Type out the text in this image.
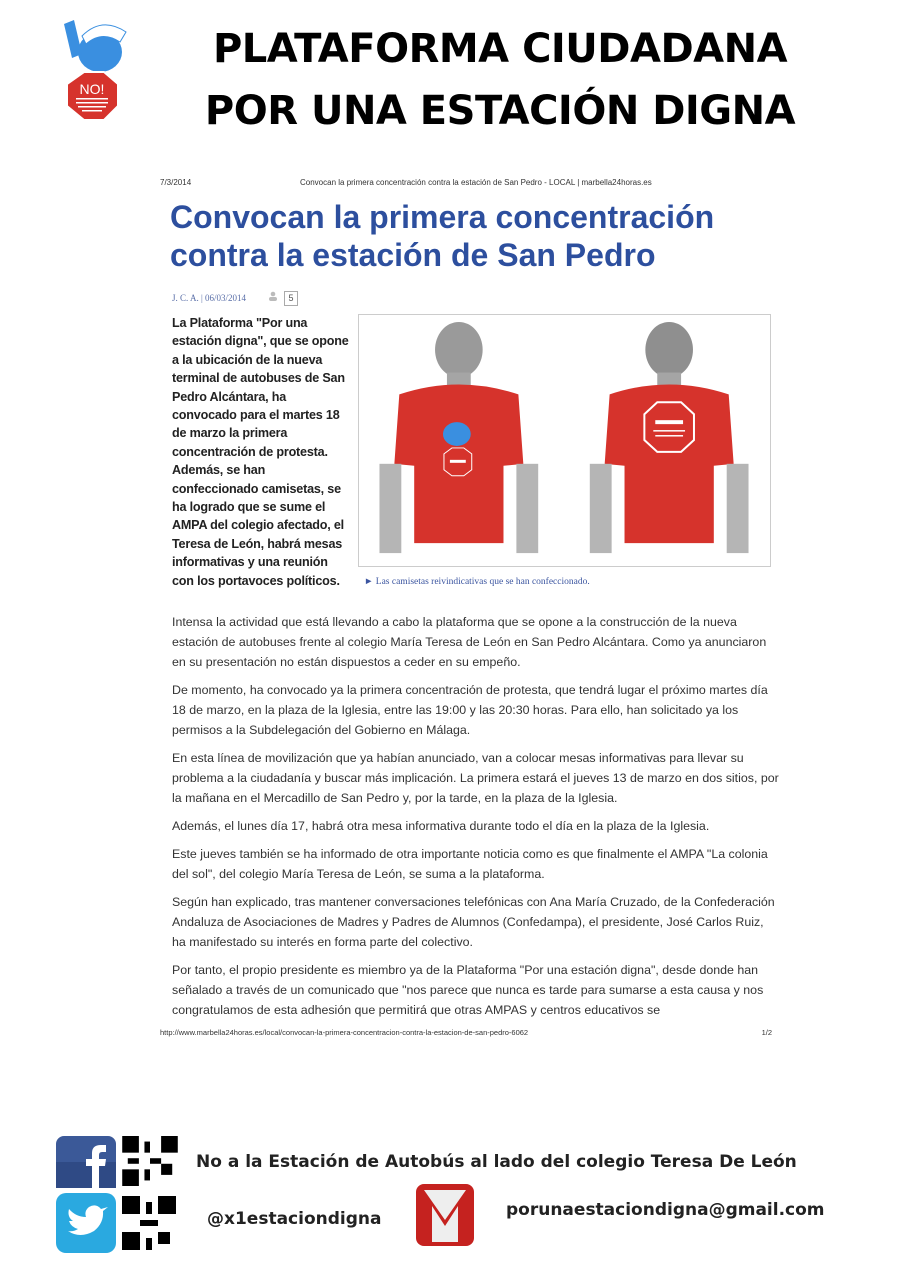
NO!
PLATAFORMA CIUDADANA
POR UNA ESTACIÓN DIGNA
7/3/2014	Convocan la primera concentración contra la estación de San Pedro - LOCAL | marbella24horas.es
Convocan la primera concentración contra la estación de San Pedro
J. C. A. | 06/03/2014	5
La Plataforma "Por una estación digna", que se opone a la ubicación de la nueva terminal de autobuses de San Pedro Alcántara, ha convocado para el martes 18 de marzo la primera concentración de protesta. Además, se han confeccionado camisetas, se ha logrado que se sume el AMPA del colegio afectado, el Teresa de León, habrá mesas informativas y una reunión con los portavoces políticos.	► Las camisetas reivindicativas que se han confeccionado.

Intensa la actividad que está llevando a cabo la plataforma que se opone a la construcción de la nueva estación de autobuses frente al colegio María Teresa de León en San Pedro Alcántara. Como ya anunciaron en su presentación no están dispuestos a ceder en su empeño.

De momento, ha convocado ya la primera concentración de protesta, que tendrá lugar el próximo martes día 18 de marzo, en la plaza de la Iglesia, entre las 19:00 y las 20:30 horas. Para ello, han solicitado ya los permisos a la Subdelegación del Gobierno en Málaga.

En esta línea de movilización que ya habían anunciado, van a colocar mesas informativas para llevar su problema a la ciudadanía y buscar más implicación. La primera estará el jueves 13 de marzo en dos sitios, por la mañana en el Mercadillo de San Pedro y, por la tarde, en la plaza de la Iglesia.

Además, el lunes día 17, habrá otra mesa informativa durante todo el día en la plaza de la Iglesia.

Este jueves también se ha informado de otra importante noticia como es que finalmente el AMPA "La colonia del sol", del colegio María Teresa de León, se suma a la plataforma.

Según han explicado, tras mantener conversaciones telefónicas con Ana María Cruzado, de la Confederación Andaluza de Asociaciones de Madres y Padres de Alumnos (Confedampa), el presidente, José Carlos Ruiz, ha manifestado su interés en forma parte del colectivo.

Por tanto, el propio presidente es miembro ya de la Plataforma "Por una estación digna", desde donde han señalado a través de un comunicado que "nos parece que nunca es tarde para sumarse a esta causa y nos congratulamos de esta adhesión que permitirá que otras AMPAS y centros educativos se

http://www.marbella24horas.es/local/convocan-la-primera-concentracion-contra-la-estacion-de-san-pedro-6062	1/2
No a la Estación de Autobús al lado del colegio Teresa De León
@x1estaciondigna	porunaestaciondigna@gmail.com
